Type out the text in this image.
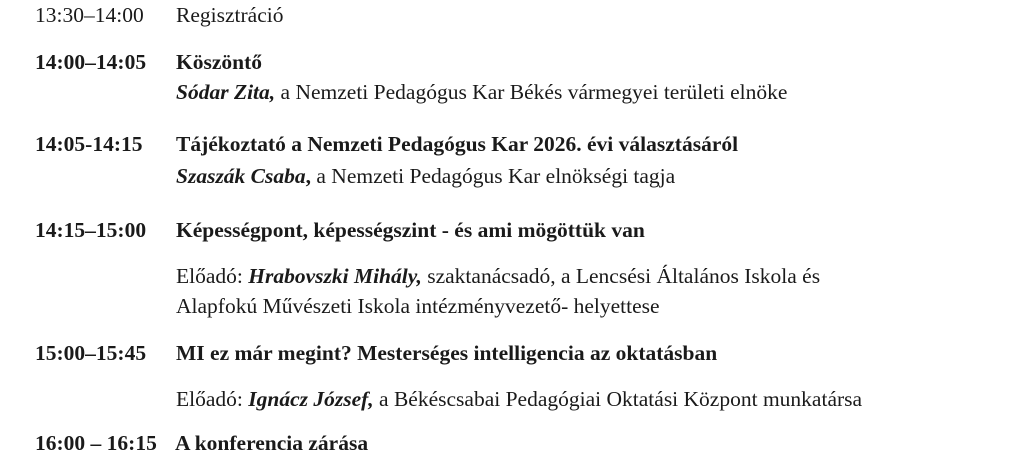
13:30–14:00 Regisztráció
14:00–14:05 Köszöntő
Sódar Zita, a Nemzeti Pedagógus Kar Békés vármegyei területi elnöke
14:05-14:15 Tájékoztató a Nemzeti Pedagógus Kar 2026. évi választásáról
Szaszák Csaba, a Nemzeti Pedagógus Kar elnökségi tagja
14:15–15:00 Képességpont, képességszint - és ami mögöttük van
Előadó: Hrabovszki Mihály, szaktanácsadó, a Lencsési Általános Iskola és
Alapfokú Művészeti Iskola intézményvezető- helyettese
15:00–15:45 MI ez már megint? Mesterséges intelligencia az oktatásban
Előadó: Ignácz József, a Békéscsabai Pedagógiai Oktatási Központ munkatársa
16:00 – 16:15 A konferencia zárása
